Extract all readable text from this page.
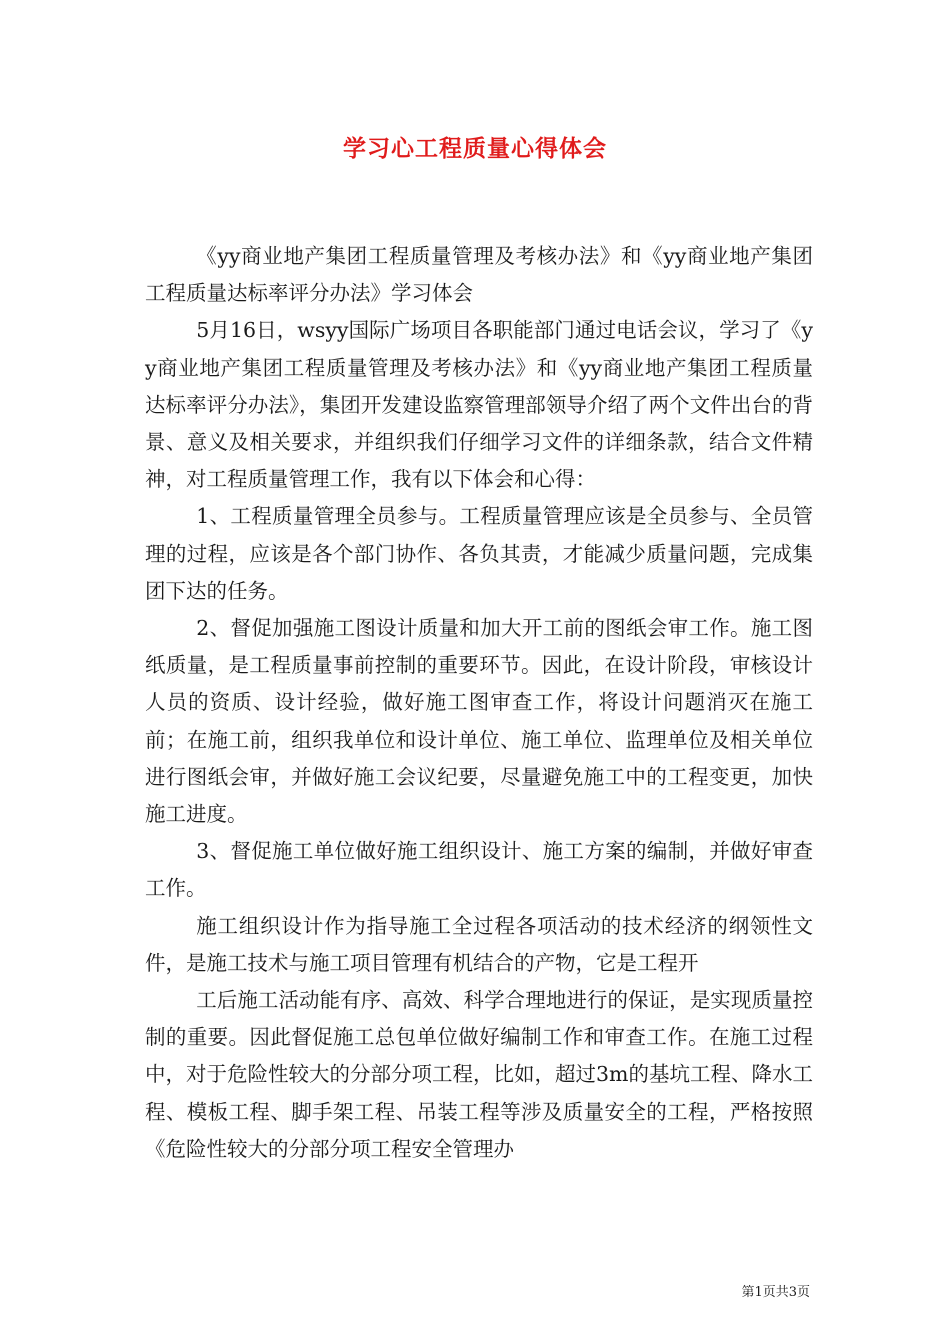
学习心工程质量心得体会

《yy商业地产集团工程质量管理及考核办法》和《yy商业地产集团工程质量达标率评分办法》学习体会

5月16日，wsyy国际广场项目各职能部门通过电话会议，学习了《yy商业地产集团工程质量管理及考核办法》和《yy商业地产集团工程质量达标率评分办法》，集团开发建设监察管理部领导介绍了两个文件出台的背景、意义及相关要求，并组织我们仔细学习文件的详细条款，结合文件精神，对工程质量管理工作，我有以下体会和心得：

1、工程质量管理全员参与。工程质量管理应该是全员参与、全员管理的过程，应该是各个部门协作、各负其责，才能减少质量问题，完成集团下达的任务。

2、督促加强施工图设计质量和加大开工前的图纸会审工作。施工图纸质量，是工程质量事前控制的重要环节。因此，在设计阶段，审核设计人员的资质、设计经验，做好施工图审查工作，将设计问题消灭在施工前；在施工前，组织我单位和设计单位、施工单位、监理单位及相关单位进行图纸会审，并做好施工会议纪要，尽量避免施工中的工程变更，加快施工进度。

3、督促施工单位做好施工组织设计、施工方案的编制，并做好审查工作。

施工组织设计作为指导施工全过程各项活动的技术经济的纲领性文件，是施工技术与施工项目管理有机结合的产物，它是工程开

工后施工活动能有序、高效、科学合理地进行的保证，是实现质量控制的重要。因此督促施工总包单位做好编制工作和审查工作。在施工过程中，对于危险性较大的分部分项工程，比如，超过3m的基坑工程、降水工程、模板工程、脚手架工程、吊装工程等涉及质量安全的工程，严格按照《危险性较大的分部分项工程安全管理办

第1页共3页
